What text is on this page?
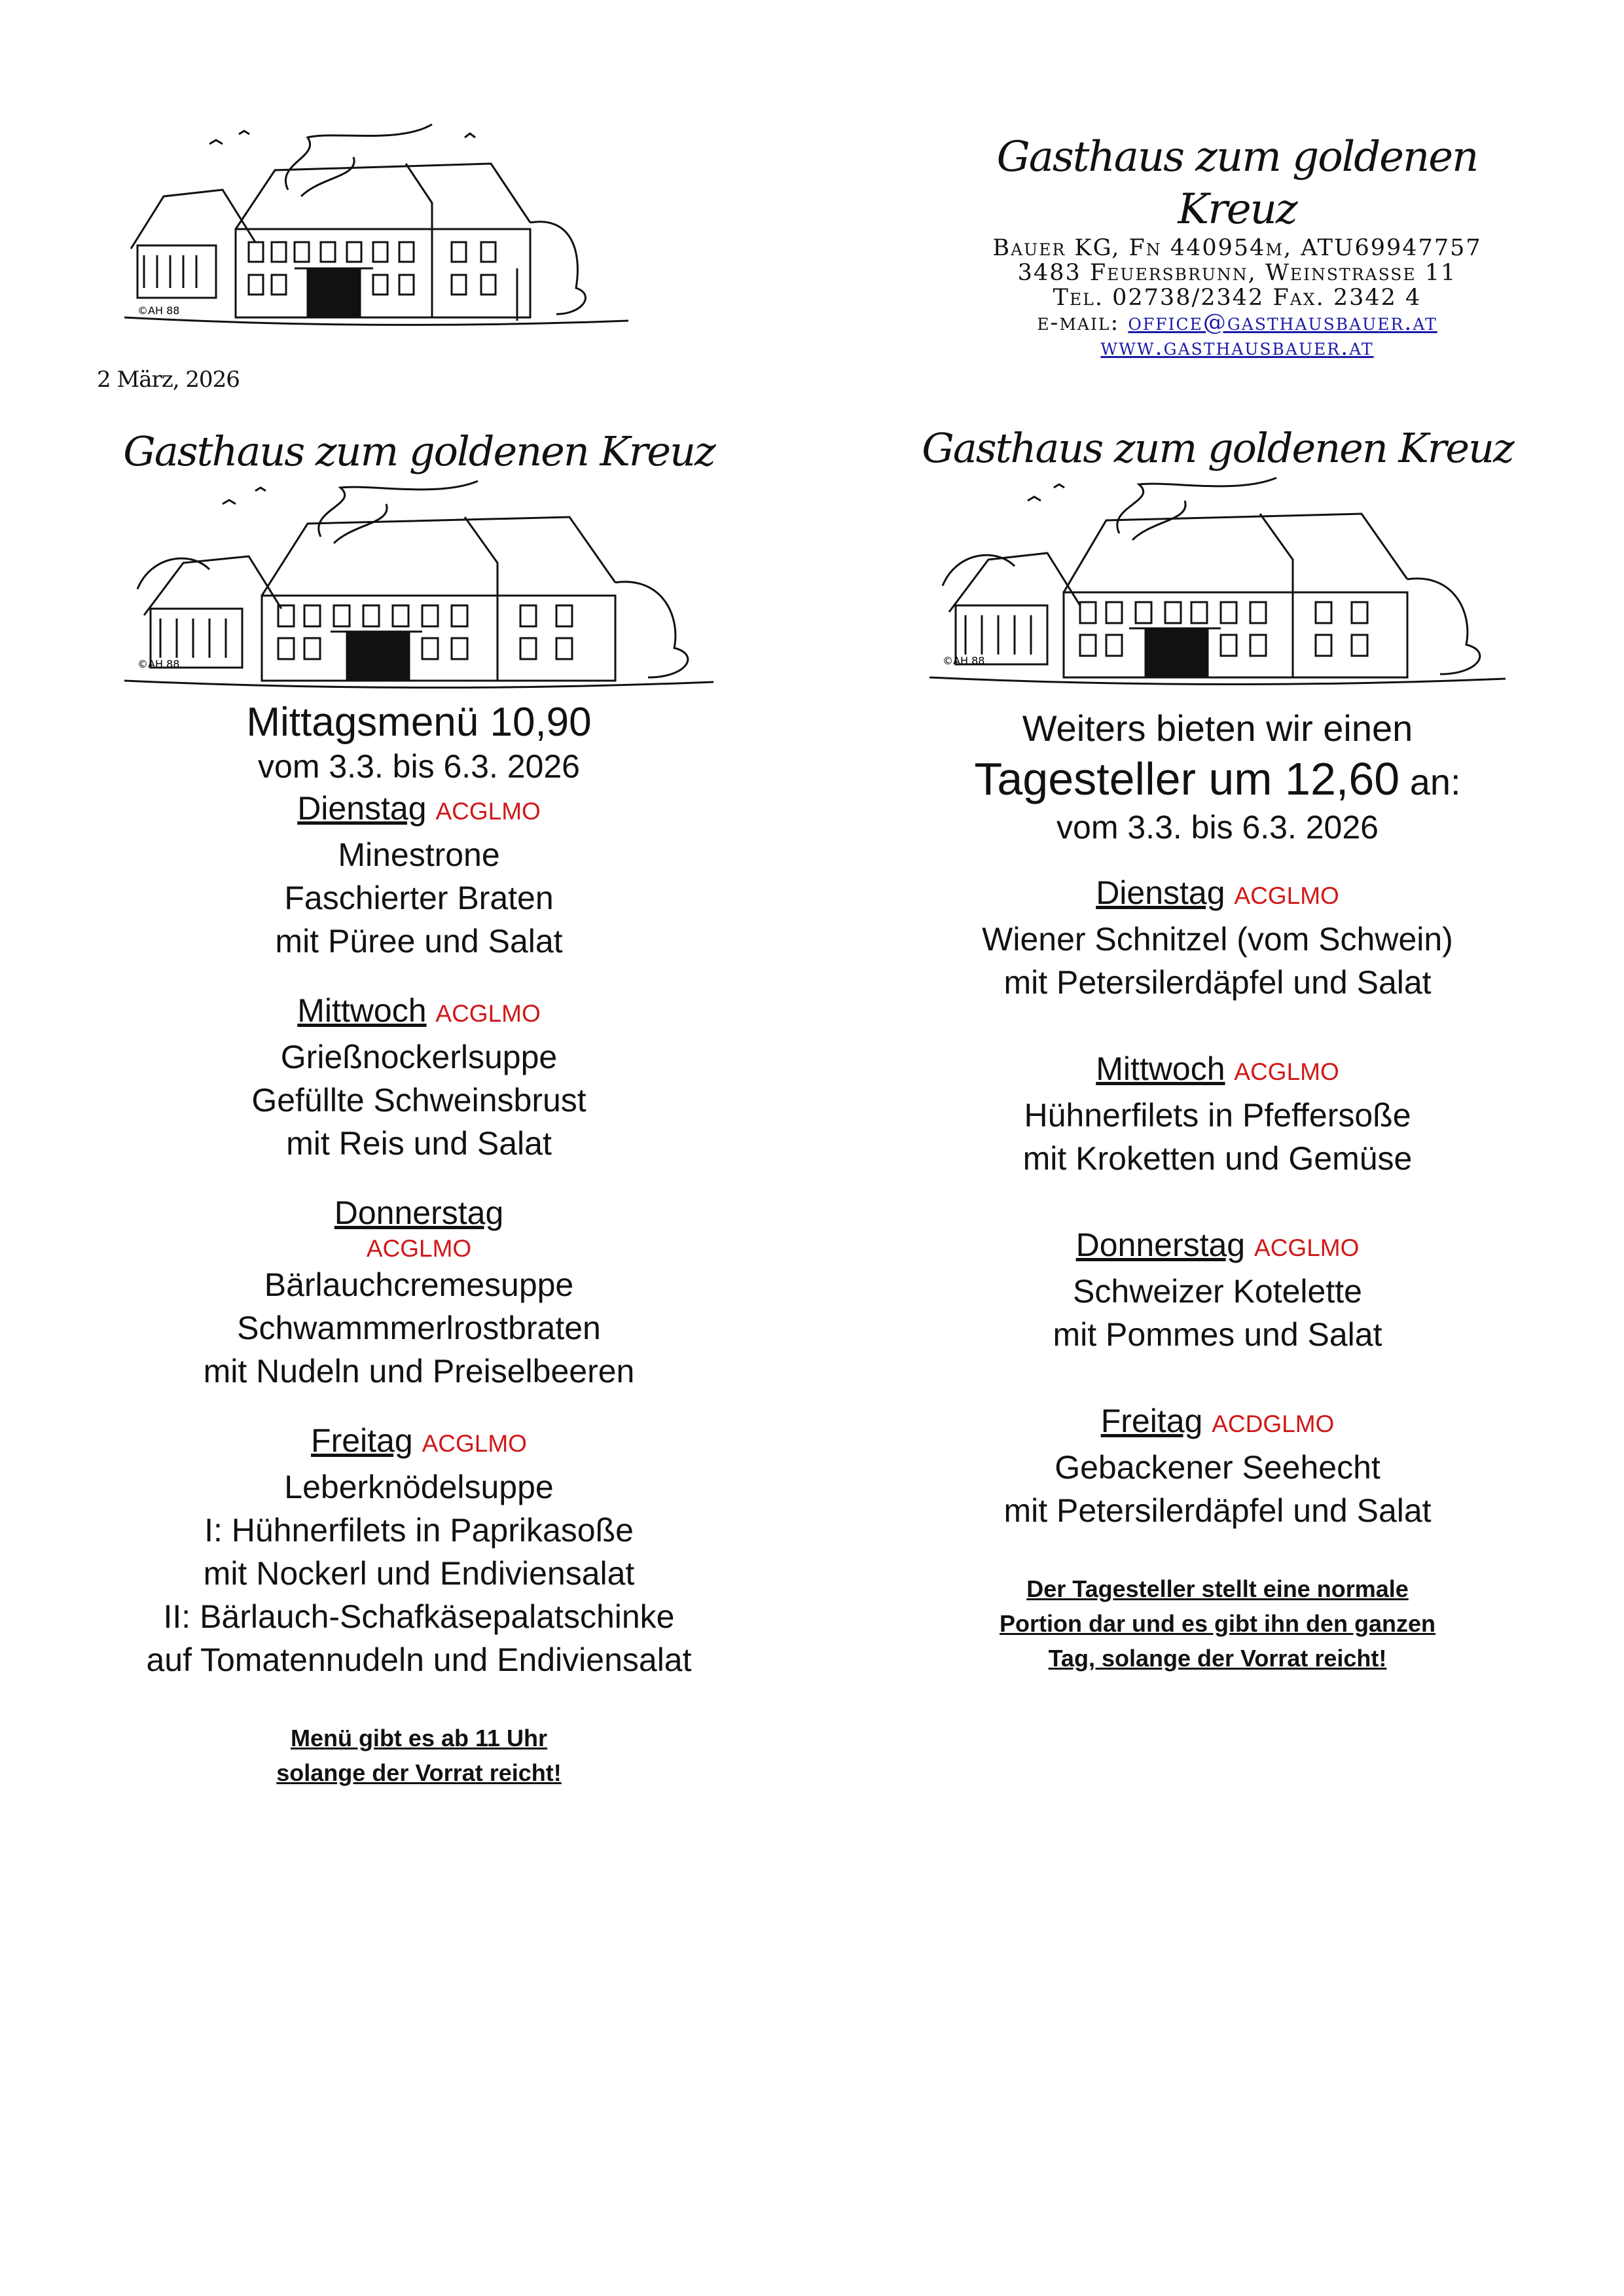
©AH 88
Gasthaus zum goldenen Kreuz
Bauer KG, Fn 440954m, ATU69947757
3483 Feuersbrunn, Weinstrasse 11
Tel. 02738/2342 Fax. 2342 4
e-mail: office@gasthausbauer.at
www.gasthausbauer.at
2 März, 2026
Gasthaus zum goldenen Kreuz
©AH 88
Mittagsmenü 10,90
vom 3.3. bis 6.3. 2026
Dienstag ACGLMO
Minestrone
Faschierter Braten
mit Püree und Salat
Mittwoch ACGLMO
Grießnockerlsuppe
Gefüllte Schweinsbrust
mit Reis und Salat
Donnerstag
ACGLMO
Bärlauchcremesuppe
Schwammmerlrostbraten
mit Nudeln und Preiselbeeren
Freitag ACGLMO
Leberknödelsuppe
I: Hühnerfilets in Paprikasoße
mit Nockerl und Endiviensalat
II: Bärlauch-Schafkäsepalatschinke
auf Tomatennudeln und Endiviensalat
Menü gibt es ab 11 Uhr
solange der Vorrat reicht!
Gasthaus zum goldenen Kreuz
©AH 88
Weiters bieten wir einen
Tagesteller um 12,60 an:
vom 3.3. bis 6.3. 2026
Dienstag ACGLMO
Wiener Schnitzel (vom Schwein)
mit Petersilerdäpfel und Salat
Mittwoch ACGLMO
Hühnerfilets in Pfeffersoße
mit Kroketten und Gemüse
Donnerstag ACGLMO
Schweizer Kotelette
mit Pommes und Salat
Freitag ACDGLMO
Gebackener Seehecht
mit Petersilerdäpfel und Salat
Der Tagesteller stellt eine normale
Portion dar und es gibt ihn den ganzen
Tag, solange der Vorrat reicht!
